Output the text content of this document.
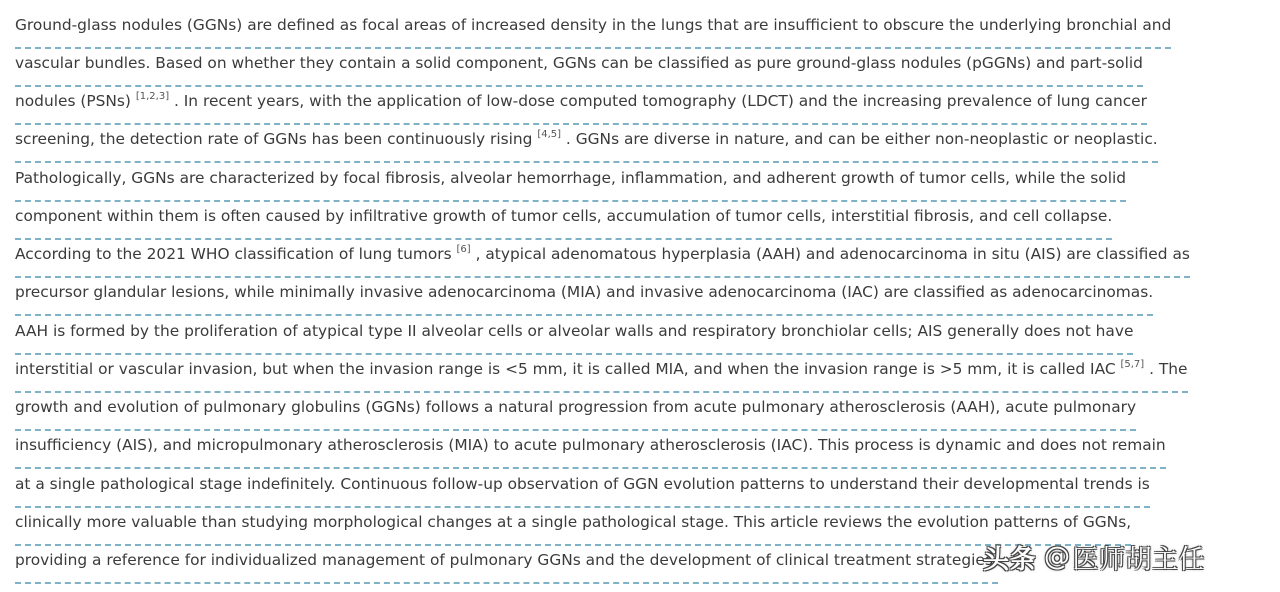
Ground-glass nodules (GGNs) are defined as focal areas of increased density in the lungs that are insufficient to obscure the underlying bronchial and
vascular bundles. Based on whether they contain a solid component, GGNs can be classified as pure ground-glass nodules (pGGNs) and part-solid
nodules (PSNs) [1,2,3] . In recent years, with the application of low-dose computed tomography (LDCT) and the increasing prevalence of lung cancer
screening, the detection rate of GGNs has been continuously rising [4,5] . GGNs are diverse in nature, and can be either non-neoplastic or neoplastic.
Pathologically, GGNs are characterized by focal fibrosis, alveolar hemorrhage, inflammation, and adherent growth of tumor cells, while the solid
component within them is often caused by infiltrative growth of tumor cells, accumulation of tumor cells, interstitial fibrosis, and cell collapse.
According to the 2021 WHO classification of lung tumors [6] , atypical adenomatous hyperplasia (AAH) and adenocarcinoma in situ (AIS) are classified as
precursor glandular lesions, while minimally invasive adenocarcinoma (MIA) and invasive adenocarcinoma (IAC) are classified as adenocarcinomas.
AAH is formed by the proliferation of atypical type II alveolar cells or alveolar walls and respiratory bronchiolar cells; AIS generally does not have
interstitial or vascular invasion, but when the invasion range is <5 mm, it is called MIA, and when the invasion range is >5 mm, it is called IAC [5,7] . The
growth and evolution of pulmonary globulins (GGNs) follows a natural progression from acute pulmonary atherosclerosis (AAH), acute pulmonary
insufficiency (AIS), and micropulmonary atherosclerosis (MIA) to acute pulmonary atherosclerosis (IAC). This process is dynamic and does not remain
at a single pathological stage indefinitely. Continuous follow-up observation of GGN evolution patterns to understand their developmental trends is
clinically more valuable than studying morphological changes at a single pathological stage. This article reviews the evolution patterns of GGNs,
providing a reference for individualized management of pulmonary GGNs and the development of clinical treatment strategies.
头条 @ 医师胡主任
